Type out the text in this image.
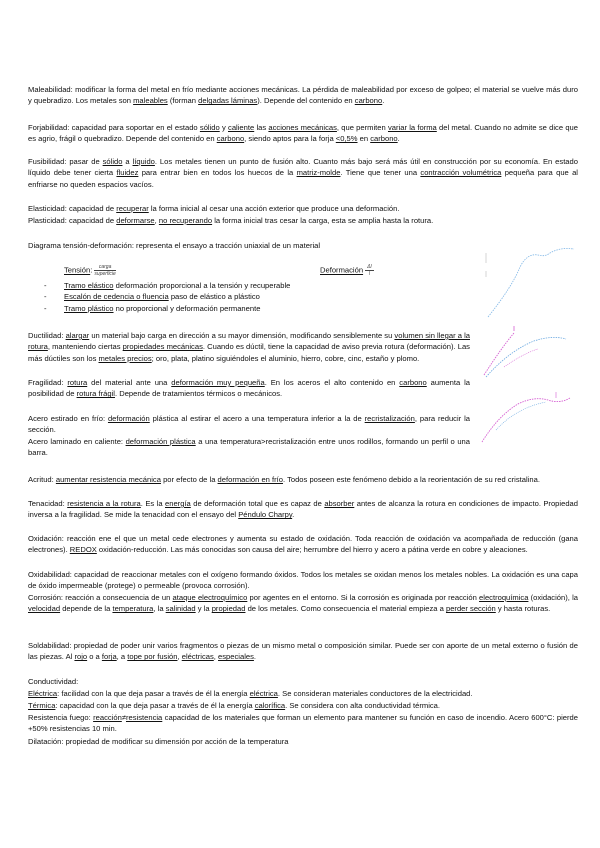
Maleabilidad: modificar la forma del metal en frío mediante acciones mecánicas. La pérdida de maleabilidad por exceso de golpeo; el material se vuelve más duro y quebradizo. Los metales son maleables (forman delgadas láminas). Depende del contenido en carbono.

Forjabilidad: capacidad para soportar en el estado sólido y caliente las acciones mecánicas, que permiten variar la forma del metal. Cuando no admite se dice que es agrio, frágil o quebradizo. Depende del contenido en carbono, siendo aptos para la forja <0,5% en carbono.

Fusibilidad: pasar de sólido a líquido. Los metales tienen un punto de fusión alto. Cuanto más bajo será más útil en construcción por su economía. En estado líquido debe tener cierta fluidez para entrar bien en todos los huecos de la matriz-molde. Tiene que tener una contracción volumétrica pequeña para que al enfriarse no queden espacios vacíos.

Elasticidad: capacidad de recuperar la forma inicial al cesar una acción exterior que produce una deformación.

Plasticidad: capacidad de deformarse, no recuperando la forma inicial tras cesar la carga, esta se amplia hasta la rotura.

Diagrama tensión-deformación: representa el ensayo a tracción uniaxial de un material

Tensión: $\frac{\text{carga}}{\text{superficie}}$	Deformación $\frac{\Delta l}{l}$
- Tramo elástico deformación proporcional a la tensión y recuperable
- Escalón de cedencia o fluencia paso de elástico a plástico
- Tramo plástico no proporcional y deformación permanente

Ductilidad: alargar un material bajo carga en dirección a su mayor dimensión, modificando sensiblemente su volumen sin llegar a la rotura, manteniendo ciertas propiedades mecánicas. Cuando es dúctil, tiene la capacidad de aviso previa rotura (deformación). Las más dúctiles son los metales precios; oro, plata, platino siguiéndoles el aluminio, hierro, cobre, cinc, estaño y plomo.

Fragilidad: rotura del material ante una deformación muy pequeña. En los aceros el alto contenido en carbono aumenta la posibilidad de rotura frágil. Depende de tratamientos térmicos o mecánicos.

Acero estirado en frío: deformación plástica al estirar el acero a una temperatura inferior a la de recristalización, para reducir la sección.

Acero laminado en caliente: deformación plástica a una temperatura>recristalización entre unos rodillos, formando un perfil o una barra.

Acritud: aumentar resistencia mecánica por efecto de la deformación en frío. Todos poseen este fenómeno debido a la reorientación de su red cristalina.

Tenacidad: resistencia a la rotura. Es la energía de deformación total que es capaz de absorber antes de alcanza la rotura en condiciones de impacto. Propiedad inversa a la fragilidad. Se mide la tenacidad con el ensayo del Péndulo Charpy.

Oxidación: reacción ene el que un metal cede electrones y aumenta su estado de oxidación. Toda reacción de oxidación va acompañada de reducción (gana electrones). REDOX oxidación-reducción. Las más conocidas son causa del aire; herrumbre del hierro y acero a pátina verde en cobre y aleaciones.

Oxidabilidad: capacidad de reaccionar metales con el oxígeno formando óxidos. Todos los metales se oxidan menos los metales nobles. La oxidación es una capa de óxido impermeable (protege) o permeable (provoca corrosión).

Corrosión: reacción a consecuencia de un ataque electroquímico por agentes en el entorno. Si la corrosión es originada por reacción electroquímica (oxidación), la velocidad depende de la temperatura, la salinidad y la propiedad de los metales. Como consecuencia el material empieza a perder sección y hasta roturas.

Soldabilidad: propiedad de poder unir varios fragmentos o piezas de un mismo metal o composición similar. Puede ser con aporte de un metal externo o fusión de las piezas. Al rojo o a forja, a tope por fusión, eléctricas, especiales.

Conductividad:

Eléctrica: facilidad con la que deja pasar a través de él la energía eléctrica. Se consideran materiales conductores de la electricidad.

Térmica: capacidad con la que deja pasar a través de él la energía calorífica. Se considera con alta conductividad térmica.

Resistencia fuego: reacción≠resistencia capacidad de los materiales que forman un elemento para mantener su función en caso de incendio. Acero 600°C: pierde +50% resistencias 10 min.

Dilatación: propiedad de modificar su dimensión por acción de la temperatura
